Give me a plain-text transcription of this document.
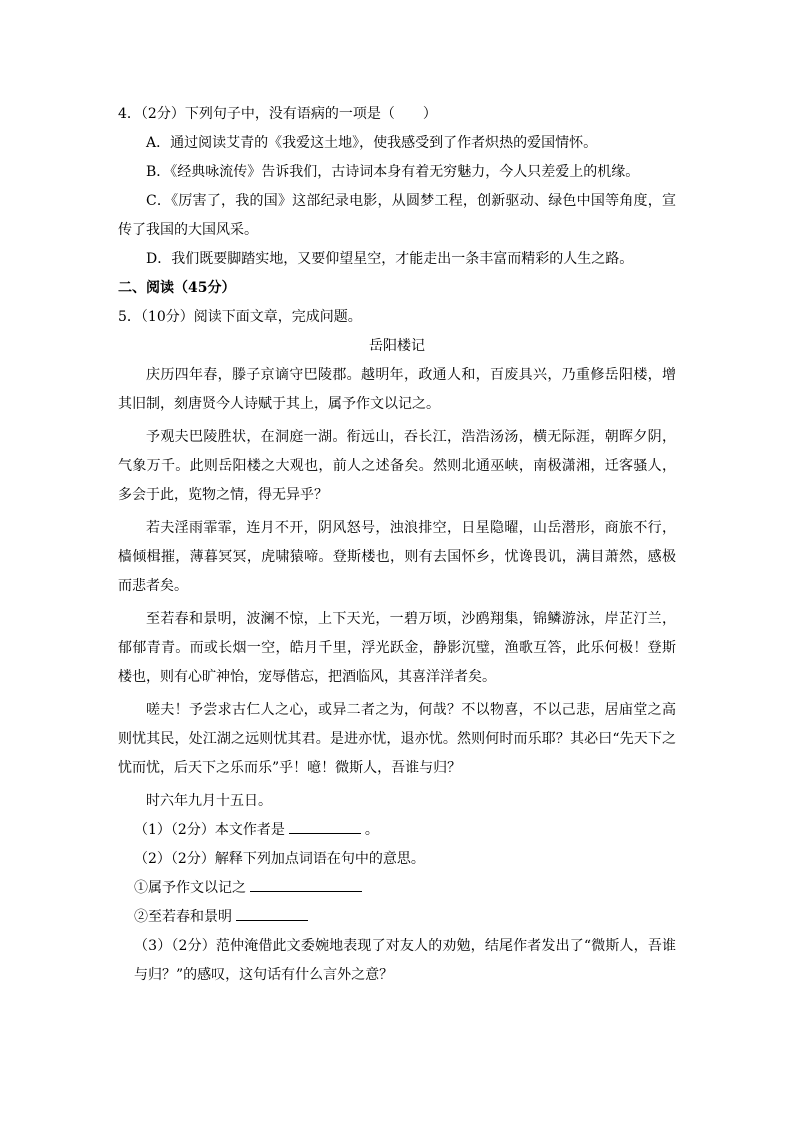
4．（2分）下列句子中，没有语病的一项是（　　）
A．通过阅读艾青的《我爱这土地》，使我感受到了作者炽热的爱国情怀。
B．《经典咏流传》告诉我们，古诗词本身有着无穷魅力，今人只差爱上的机缘。
C．《厉害了，我的国》这部纪录电影，从圆梦工程，创新驱动、绿色中国等角度，宣传了我国的大国风采。
D．我们既要脚踏实地，又要仰望星空，才能走出一条丰富而精彩的人生之路。
二、阅读（45分）
5．（10分）阅读下面文章，完成问题。
岳阳楼记
庆历四年春，滕子京谪守巴陵郡。越明年，政通人和，百废具兴，乃重修岳阳楼，增其旧制，刻唐贤今人诗赋于其上，属予作文以记之。
予观夫巴陵胜状，在洞庭一湖。衔远山，吞长江，浩浩汤汤，横无际涯，朝晖夕阴，气象万千。此则岳阳楼之大观也，前人之述备矣。然则北通巫峡，南极潇湘，迁客骚人，多会于此，览物之情，得无异乎？
若夫淫雨霏霏，连月不开，阴风怒号，浊浪排空，日星隐曜，山岳潜形，商旅不行，樯倾楫摧，薄暮冥冥，虎啸猿啼。登斯楼也，则有去国怀乡，忧谗畏讥，满目萧然，感极而悲者矣。
至若春和景明，波澜不惊，上下天光，一碧万顷，沙鸥翔集，锦鳞游泳，岸芷汀兰，郁郁青青。而或长烟一空，皓月千里，浮光跃金，静影沉璧，渔歌互答，此乐何极！登斯楼也，则有心旷神怡，宠辱偕忘，把酒临风，其喜洋洋者矣。
嗟夫！予尝求古仁人之心，或异二者之为，何哉？不以物喜，不以己悲，居庙堂之高则忧其民，处江湖之远则忧其君。是进亦忧，退亦忧。然则何时而乐耶？其必曰“先天下之忧而忧，后天下之乐而乐”乎！噫！微斯人，吾谁与归？
时六年九月十五日。
（1）（2分）本文作者是	。
（2）（2分）解释下列加点词语在句中的意思。
①属予作文以记之
②至若春和景明
（3）（2分）范仲淹借此文委婉地表现了对友人的劝勉，结尾作者发出了“微斯人，吾谁与归？”的感叹，这句话有什么言外之意？
